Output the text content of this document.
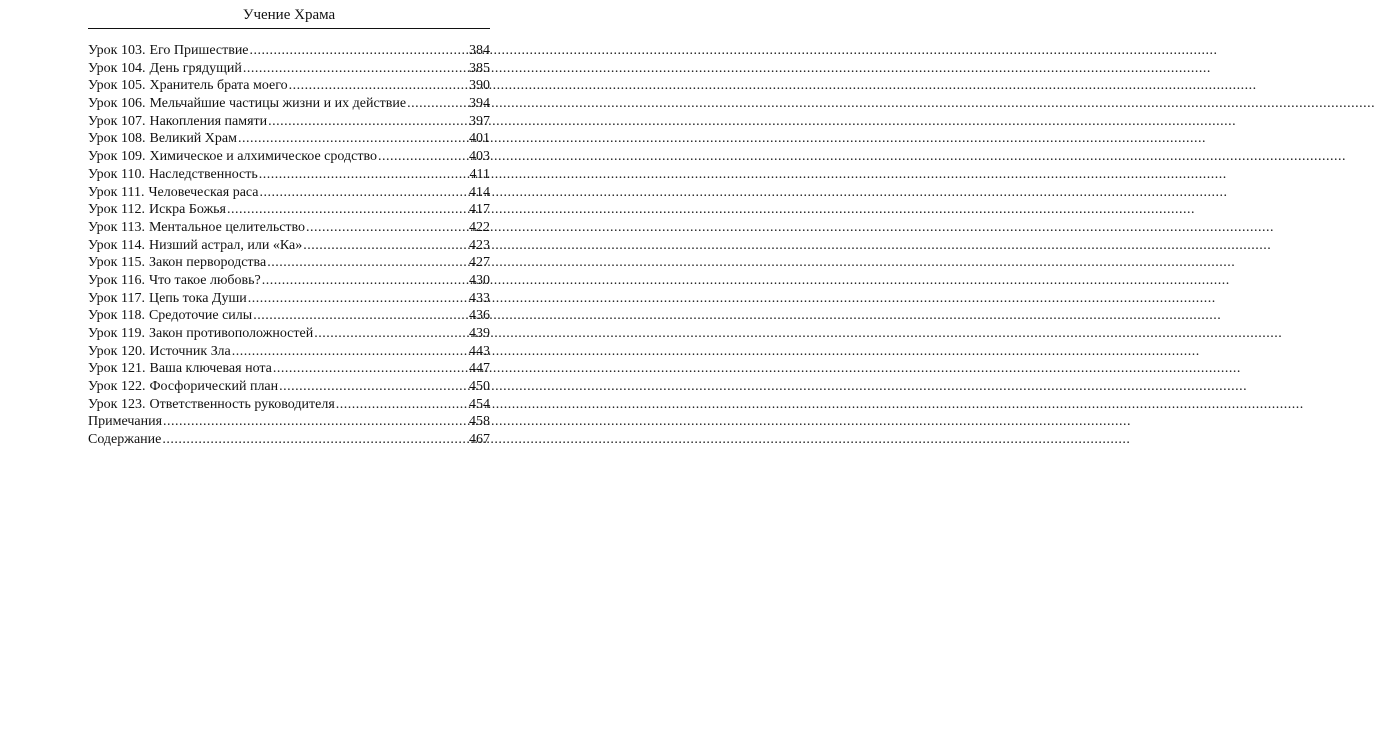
Учение Храма
Урок 103. Его Пришествие .....	384
Урок 104. День грядущий .....	385
Урок 105. Хранитель брата моего .....	390
Урок 106. Мельчайшие частицы жизни и их действие .....	394
Урок 107. Накопления памяти .....	397
Урок 108. Великий Храм .....	401
Урок 109. Химическое и алхимическое сродство .....	403
Урок 110. Наследственность .....	411
Урок 111. Человеческая раса .....	414
Урок 112. Искра Божья .....	417
Урок 113. Ментальное целительство .....	422
Урок 114. Низший астрал, или «Ка» .....	423
Урок 115. Закон первородства .....	427
Урок 116. Что такое любовь? .....	430
Урок 117. Цепь тока Души .....	433
Урок 118. Средоточие силы .....	436
Урок 119. Закон противоположностей .....	439
Урок 120. Источник Зла .....	443
Урок 121. Ваша ключевая нота .....	447
Урок 122. Фосфорический план .....	450
Урок 123. Ответственность руководителя .....	454
Примечания .....	458
Содержание .....	467
